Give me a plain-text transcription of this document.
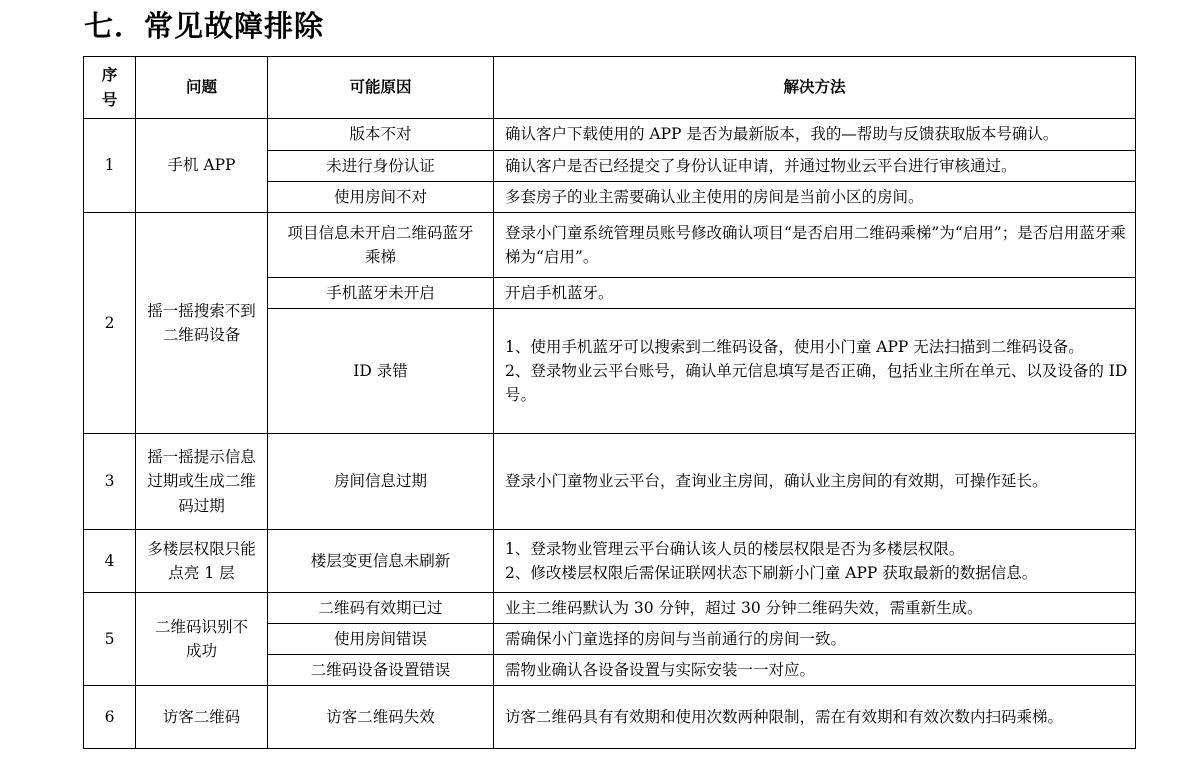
七．常见故障排除
序号	问题	可能原因	解决方法
1	手机 APP	版本不对	确认客户下载使用的 APP 是否为最新版本，我的—帮助与反馈获取版本号确认。
		未进行身份认证	确认客户是否已经提交了身份认证申请，并通过物业云平台进行审核通过。
		使用房间不对	多套房子的业主需要确认业主使用的房间是当前小区的房间。
2	摇一摇搜索不到二维码设备	项目信息未开启二维码蓝牙乘梯	登录小门童系统管理员账号修改确认项目“是否启用二维码乘梯”为“启用”；是否启用蓝牙乘梯为“启用”。
		手机蓝牙未开启	开启手机蓝牙。
		ID 录错	1、使用手机蓝牙可以搜索到二维码设备，使用小门童 APP 无法扫描到二维码设备。
2、登录物业云平台账号，确认单元信息填写是否正确，包括业主所在单元、以及设备的 ID 号。

3	摇一摇提示信息过期或生成二维码过期	房间信息过期	登录小门童物业云平台，查询业主房间，确认业主房间的有效期，可操作延长。
4	多楼层权限只能点亮 1 层	楼层变更信息未刷新	1、登录物业管理云平台确认该人员的楼层权限是否为多楼层权限。
2、修改楼层权限后需保证联网状态下刷新小门童 APP 获取最新的数据信息。

5	二维码识别不成功	二维码有效期已过	业主二维码默认为 30 分钟，超过 30 分钟二维码失效，需重新生成。
		使用房间错误	需确保小门童选择的房间与当前通行的房间一致。
		二维码设备设置错误	需物业确认各设备设置与实际安装一一对应。
6	访客二维码	访客二维码失效	访客二维码具有有效期和使用次数两种限制，需在有效期和有效次数内扫码乘梯。
